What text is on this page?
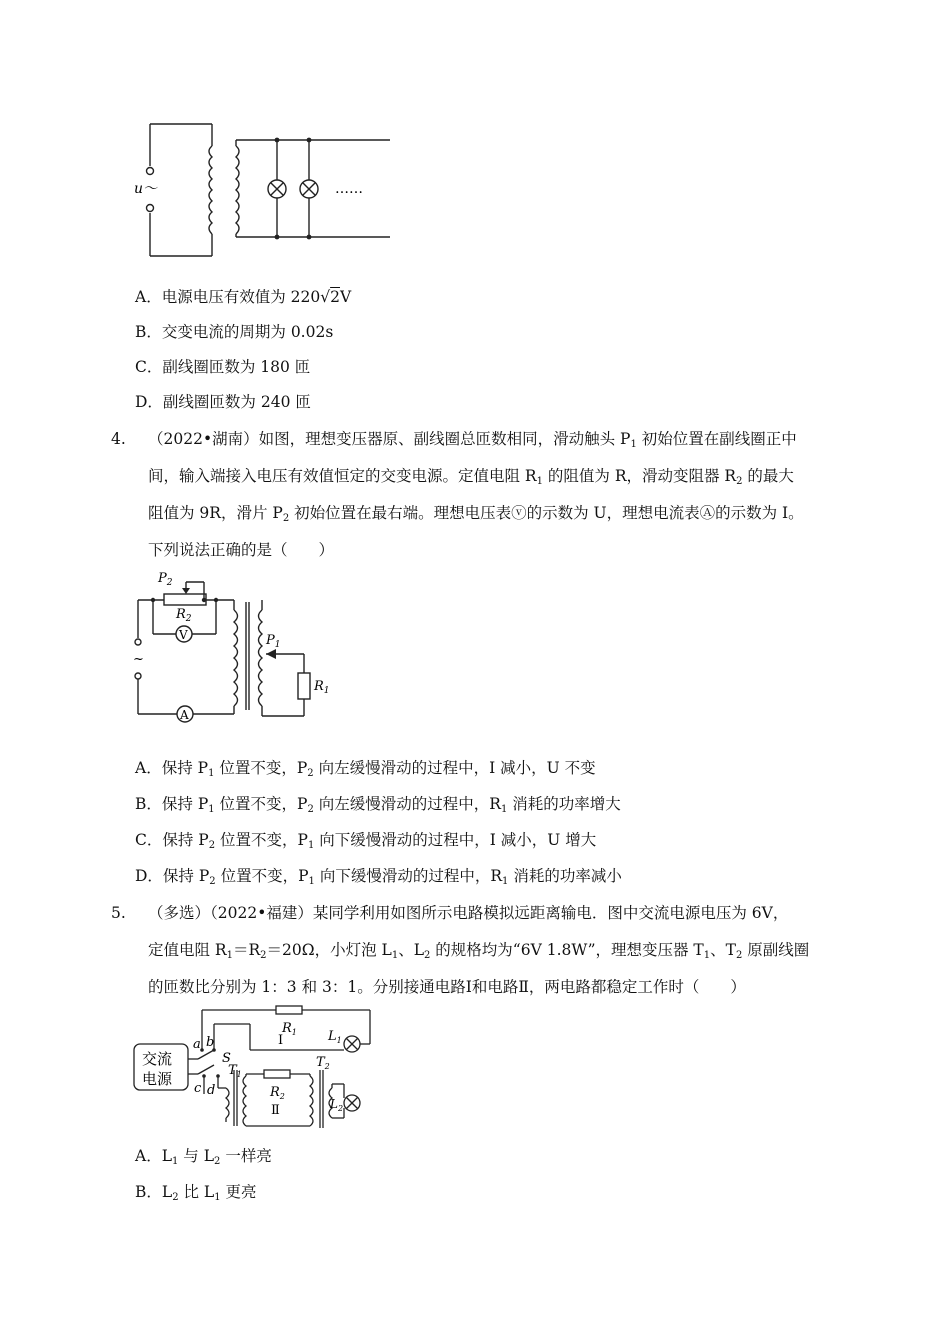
u～	……
A．电源电压有效值为 220√2V
B．交变电流的周期为 0.02s
C．副线圈匝数为 180 匝
D．副线圈匝数为 240 匝
4. （2022•湖南）如图，理想变压器原、副线圈总匝数相同，滑动触头 $P_1$ 初始位置在副线圈正中
间，输入端接入电压有效值恒定的交变电源。定值电阻 $R_1$ 的阻值为 R，滑动变阻器 $R_2$ 的最大
阻值为 9R，滑片 $P_2$ 初始位置在最右端。理想电压表ⓥ的示数为 U，理想电流表Ⓐ的示数为 I。
下列说法正确的是（　　）
$P_2$
$R_2$
V
A
~
$P_1$
$R_1$
A．保持 $P_1$ 位置不变，$P_2$ 向左缓慢滑动的过程中，I 减小，U 不变
B．保持 $P_1$ 位置不变，$P_2$ 向左缓慢滑动的过程中，$R_1$ 消耗的功率增大
C．保持 $P_2$ 位置不变，$P_1$ 向下缓慢滑动的过程中，I 减小，U 增大
D．保持 $P_2$ 位置不变，$P_1$ 向下缓慢滑动的过程中，$R_1$ 消耗的功率减小
5. （多选）（2022•福建）某同学利用如图所示电路模拟远距离输电．图中交流电源电压为 6V，
定值电阻 $R_1=R_2=20\Omega$，小灯泡 $L_1$、$L_2$ 的规格均为“6V 1.8W”，理想变压器 $T_1$、$T_2$ 原副线圈
的匝数比分别为 1：3 和 3：1。分别接通电路Ⅰ和电路Ⅱ，两电路都稳定工作时（　　）
交流
电源
a b
S
c d
$R_1$
I	$L_1$
$T_1$
$R_2$
Ⅱ
$T_2$
$L_2$
A．$L_1$ 与 $L_2$ 一样亮
B．$L_2$ 比 $L_1$ 更亮
